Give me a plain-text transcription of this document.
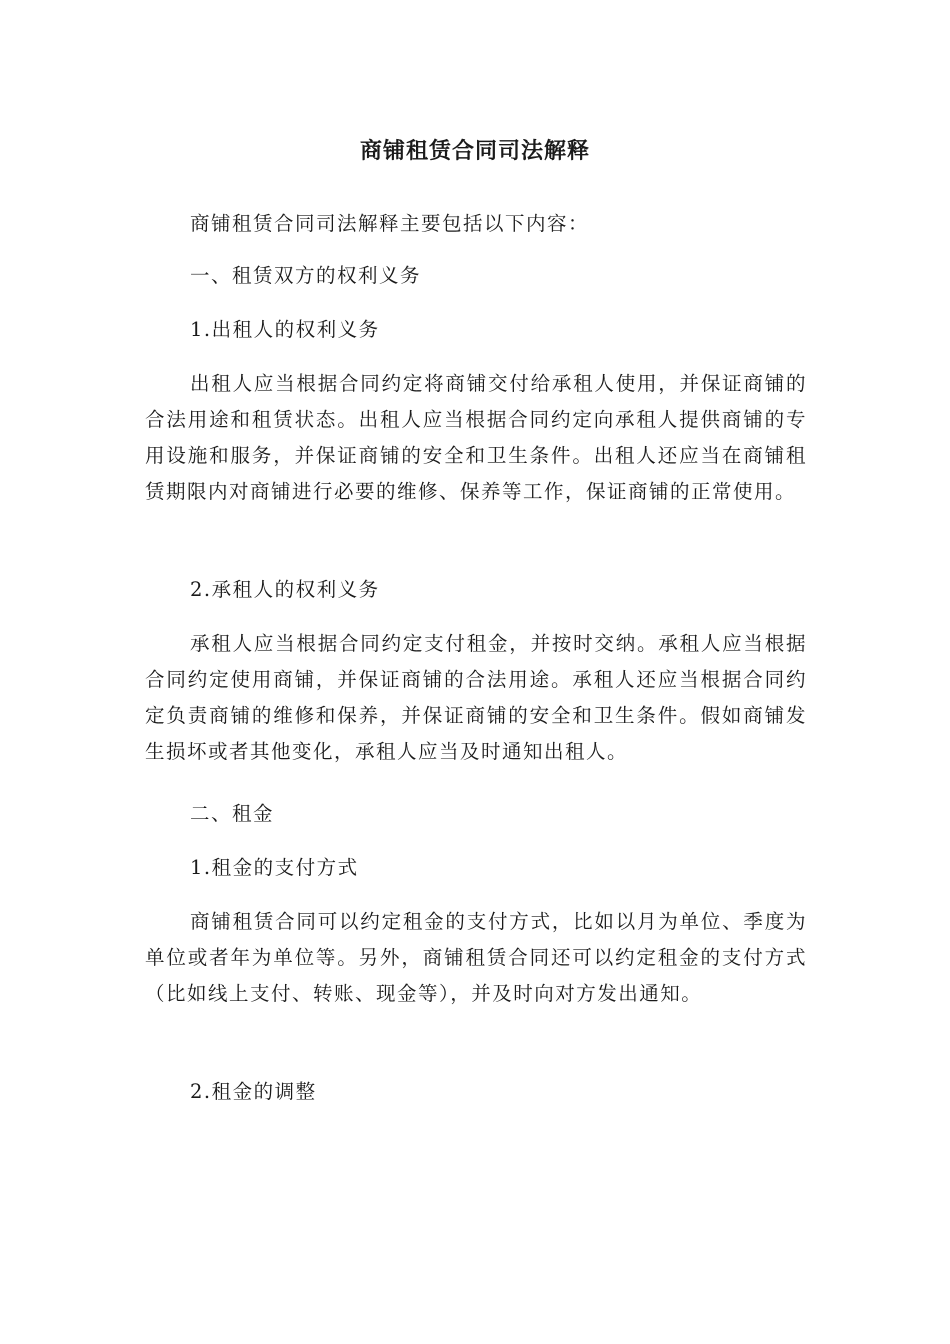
商铺租赁合同司法解释

商铺租赁合同司法解释主要包括以下内容：

一、租赁双方的权利义务

1.出租人的权利义务

出租人应当根据合同约定将商铺交付给承租人使用，并保证商铺的合法用途和租赁状态。出租人应当根据合同约定向承租人提供商铺的专用设施和服务，并保证商铺的安全和卫生条件。出租人还应当在商铺租赁期限内对商铺进行必要的维修、保养等工作，保证商铺的正常使用。

2.承租人的权利义务

承租人应当根据合同约定支付租金，并按时交纳。承租人应当根据合同约定使用商铺，并保证商铺的合法用途。承租人还应当根据合同约定负责商铺的维修和保养，并保证商铺的安全和卫生条件。假如商铺发生损坏或者其他变化，承租人应当及时通知出租人。

二、租金

1.租金的支付方式

商铺租赁合同可以约定租金的支付方式，比如以月为单位、季度为单位或者年为单位等。另外，商铺租赁合同还可以约定租金的支付方式（比如线上支付、转账、现金等），并及时向对方发出通知。

2.租金的调整
